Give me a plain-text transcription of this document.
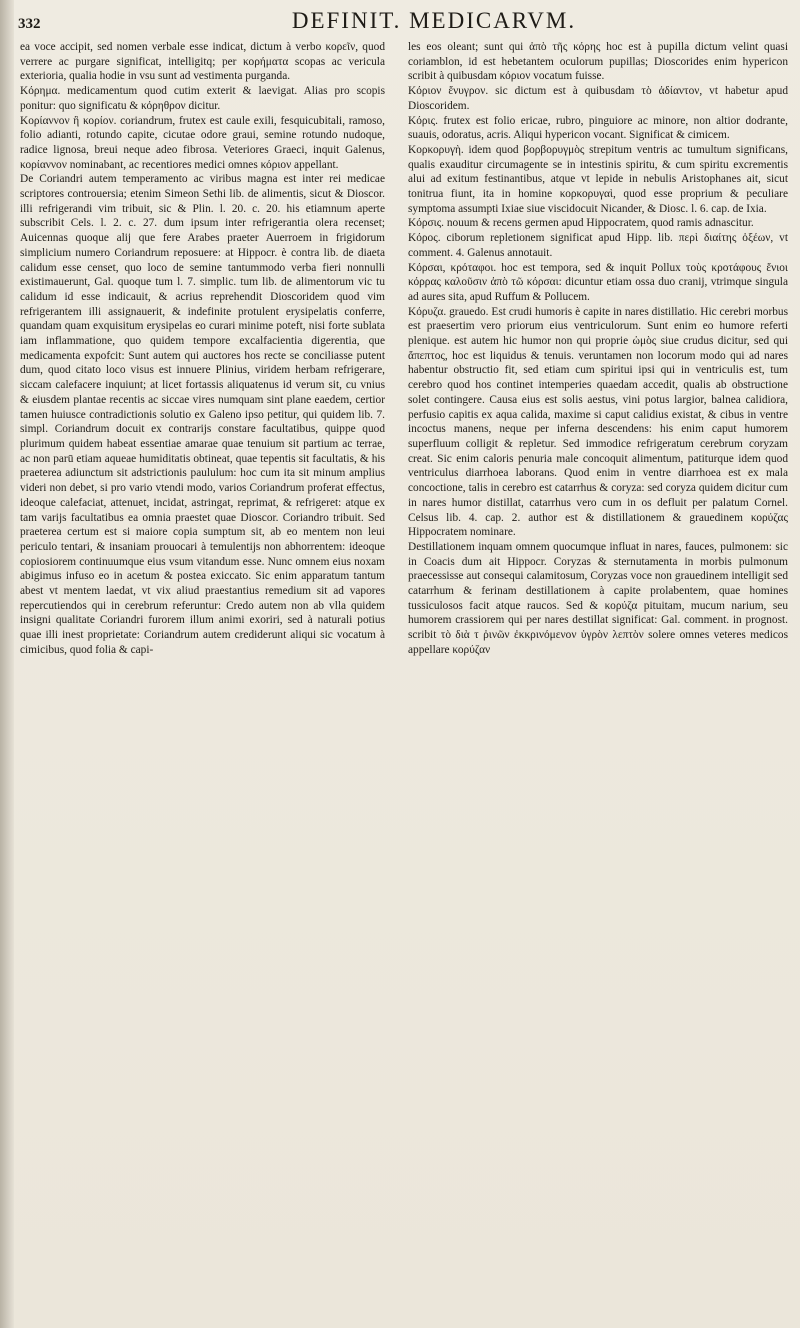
332	DEFINIT. MEDICARVM.

ea voce accipit, sed nomen verbale esse indicat, dictum à verbo κορεῖν, quod verrere ac purgare significat, intelligitq; per κορήματα scopas ac vericula exterioria, qualia hodie in vsu sunt ad vestimenta purganda.

Κόρημα. medicamentum quod cutim exterit & laevigat. Alias pro scopis ponitur: quo significatu & κόρηθρον dicitur.

Κορίαννον ἢ κορίον. coriandrum, frutex est caule exili, fesquicubitali, ramoso, folio adianti, rotundo capite, cicutae odore graui, semine rotundo nudoque, radice lignosa, breui neque adeo fibrosa. Veteriores Graeci, inquit Galenus, κορίαννον nominabant, ac recentiores medici omnes κόριον appellant.

De Coriandri autem temperamento ac viribus magna est inter rei medicae scriptores controuersia; etenim Simeon Sethi lib. de alimentis, sicut & Dioscor. illi refrigerandi vim tribuit, sic & Plin. l. 20. c. 20. his etiamnum aperte subscribit Cels. l. 2. c. 27. dum ipsum inter refrigerantia olera recenset; Auicennas quoque alij que fere Arabes praeter Auerroem in frigidorum simplicium numero Coriandrum reposuere: at Hippocr. è contra lib. de diaeta calidum esse censet, quo loco de semine tantummodo verba fieri nonnulli existimauerunt, Gal. quoque tum l. 7. simplic. tum lib. de alimentorum vic tu calidum id esse indicauit, & acrius reprehendit Dioscoridem quod vim refrigerantem illi assignauerit, & indefinite protulent erysipelatis conferre, quandam quam exquisitum erysipelas eo curari minime poteft, nisi forte sublata iam inflammatione, quo quidem tempore excalfacientia digerentia, que medicamenta expofcit: Sunt autem qui auctores hos recte se conciliasse putent dum, quod citato loco visus est innuere Plinius, viridem herbam refrigerare, siccam calefacere inquiunt; at licet fortassis aliquatenus id verum sit, cu vnius & eiusdem plantae recentis ac siccae vires numquam sint plane eaedem, certior tamen huiusce contradictionis solutio ex Galeno ipso petitur, qui quidem lib. 7. simpl. Coriandrum docuit ex contrarijs constare facultatibus, quippe quod plurimum quidem habeat essentiae amarae quae tenuium sit partium ac terrae, ac non parū etiam aqueae humiditatis obtineat, quae tepentis sit facultatis, & his praeterea adiunctum sit adstrictionis paululum: hoc cum ita sit minum amplius videri non debet, si pro vario vtendi modo, varios Coriandrum proferat effectus, ideoque calefaciat, attenuet, incidat, astringat, reprimat, & refrigeret: atque ex tam varijs facultatibus ea omnia praestet quae Dioscor. Coriandro tribuit. Sed praeterea certum est si maiore copia sumptum sit, ab eo mentem non leui periculo tentari, & insaniam prouocari à temulentijs non abhorrentem: ideoque copiosiorem continuumque eius vsum vitandum esse. Nunc omnem eius noxam abigimus infuso eo in acetum & postea exiccato. Sic enim apparatum tantum abest vt mentem laedat, vt vix aliud praestantius remedium sit ad vapores repercutiendos qui in cerebrum referuntur: Credo autem non ab vlla quidem insigni qualitate Coriandri furorem illum animi exoriri, sed à naturali potius quae illi inest proprietate: Coriandrum autem crediderunt aliqui sic vocatum à cimicibus, quod folia & capi-

les eos oleant; sunt qui ἀπὸ τῆς κόρης hoc est à pupilla dictum velint quasi coriamblon, id est hebetantem oculorum pupillas; Dioscorides enim hypericon scribit à quibusdam κόριον vocatum fuisse.

Κόριον ἔνυγρον. sic dictum est à quibusdam τὸ ἀδίαντον, vt habetur apud Dioscoridem.

Κόρις. frutex est folio ericae, rubro, pinguiore ac minore, non altior dodrante, suauis, odoratus, acris. Aliqui hypericon vocant. Significat & cimicem.

Κορκορυγὴ. idem quod βορβορυγμὸς strepitum ventris ac tumultum significans, qualis exauditur circumagente se in intestinis spiritu, & cum spiritu excrementis alui ad exitum festinantibus, atque vt lepide in nebulis Aristophanes ait, sicut tonitrua fiunt, ita in homine κορκορυγαὶ, quod esse proprium & peculiare symptoma assumpti Ixiae siue viscidocuit Nicander, & Diosc. l. 6. cap. de Ixia.

Κόρσις. nouum & recens germen apud Hippocratem, quod ramis adnascitur.

Κόρος. ciborum repletionem significat apud Hipp. lib. περὶ διαίτης ὀξέων, vt comment. 4. Galenus annotauit.

Κόρσαι, κρόταφοι. hoc est tempora, sed & inquit Pollux τοὺς κροτάφους ἔνιοι κόρρας καλοῦσιν ἀπὸ τῶ κόρσαι: dicuntur etiam ossa duo cranij, vtrimque singula ad aures sita, apud Ruffum & Pollucem.

Κόρυζα. grauedo. Est crudi humoris è capite in nares distillatio. Hic cerebri morbus est praesertim vero priorum eius ventriculorum. Sunt enim eo humore referti plenique. est autem hic humor non qui proprie ὠμὸς siue crudus dicitur, sed qui ἄπεπτος, hoc est liquidus & tenuis. veruntamen non locorum modo qui ad nares habentur obstructio fit, sed etiam cum spiritui ipsi qui in ventriculis est, tum cerebro quod hos continet intemperies quaedam accedit, qualis ab obstructione solet contingere. Causa eius est solis aestus, vini potus largior, balnea calidiora, perfusio capitis ex aqua calida, maxime si caput calidius existat, & cibus in ventre incoctus manens, neque per inferna descendens: his enim caput humorem superfluum colligit & repletur. Sed immodice refrigeratum cerebrum coryzam creat. Sic enim caloris penuria male concoquit alimentum, patiturque idem quod ventriculus diarrhoea laborans. Quod enim in ventre diarrhoea est ex mala concoctione, talis in cerebro est catarrhus & coryza: sed coryza quidem dicitur cum in nares humor distillat, catarrhus vero cum in os defluit per palatum Cornel. Celsus lib. 4. cap. 2. author est & distillationem & grauedinem κορύζας Hippocratem nominare.

Destillationem inquam omnem quocumque influat in nares, fauces, pulmonem: sic in Coacis dum ait Hippocr. Coryzas & sternutamenta in morbis pulmonum praecessisse aut consequi calamitosum, Coryzas voce non grauedinem intelligit sed catarrhum & ferinam destillationem à capite prolabentem, quae homines tussiculosos facit atque raucos. Sed & κορύζα pituitam, mucum narium, seu humorem crassiorem qui per nares destillat significat: Gal. comment. in prognost. scribit τὸ διὰ τ ῥινῶν ἐκκρινόμενον ὑγρὸν λεπτὸν solere omnes veteres medicos appellare κορύζαν
